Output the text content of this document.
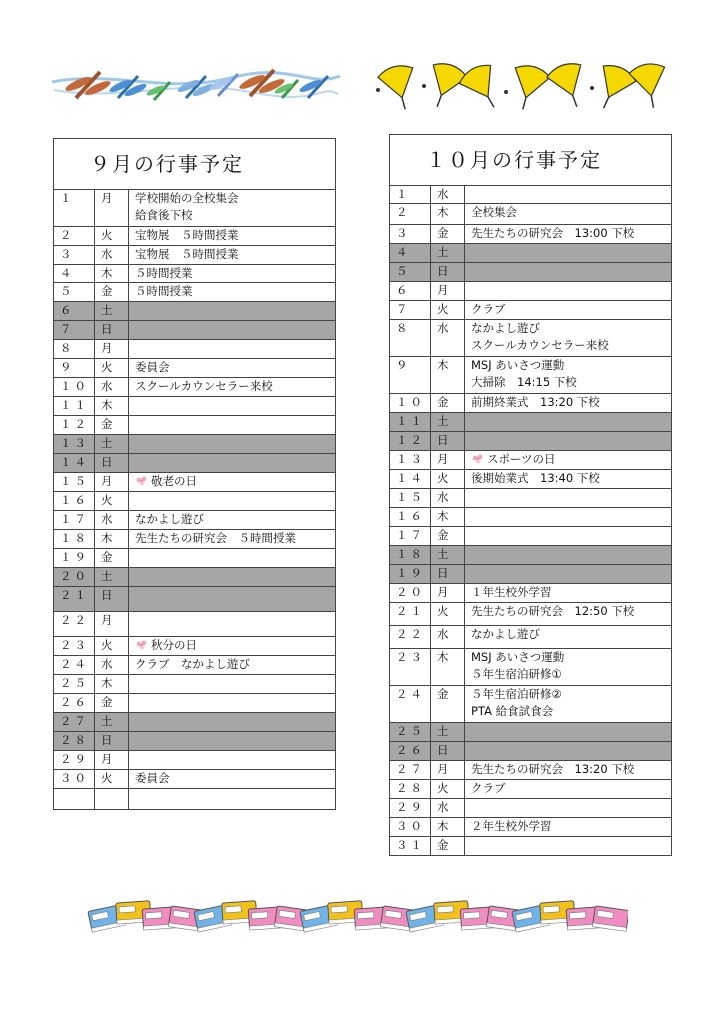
９月の行事予定		
１	月	学校開始の全校集会
給食後下校

２	火	宝物展　５時間授業

３	水	宝物展　５時間授業

４	木	５時間授業

５	金	５時間授業

６	土	
７	日	
８	月	
９	火	委員会

１０	水	スクールカウンセラー来校

１１	木	
１２	金	
１３	土	
１４	日	
１５	月	敬老の日

１６	火	
１７	水	なかよし遊び

１８	木	先生たちの研究会　５時間授業

１９	金	
２０	土	
２１	日	
２２	月	
２３	火	秋分の日

２４	水	クラブ　なかよし遊び

２５	木	
２６	金	
２７	土	
２８	日	
２９	月	
３０	火	委員会

１０月の行事予定		
１	水	
２	木	全校集会

３	金	先生たちの研究会　13:00 下校

４	土	
５	日	
６	月	
７	火	クラブ

８	水	なかよし遊び
スクールカウンセラー来校

９	木	MSJ あいさつ運動
大掃除　14:15 下校

１０	金	前期終業式　13:20 下校

１１	土	
１２	日	
１３	月	スポーツの日

１４	火	後期始業式　13:40 下校

１５	水	
１６	木	
１７	金	
１８	土	
１９	日	
２０	月	１年生校外学習

２１	火	先生たちの研究会　12:50 下校

２２	水	なかよし遊び

２３	木	MSJ あいさつ運動
５年生宿泊研修①

２４	金	５年生宿泊研修②
PTA 給食試食会

２５	土	
２６	日	
２７	月	先生たちの研究会　13:20 下校

２８	火	クラブ

２９	水	
３０	木	２年生校外学習

３１	金	
